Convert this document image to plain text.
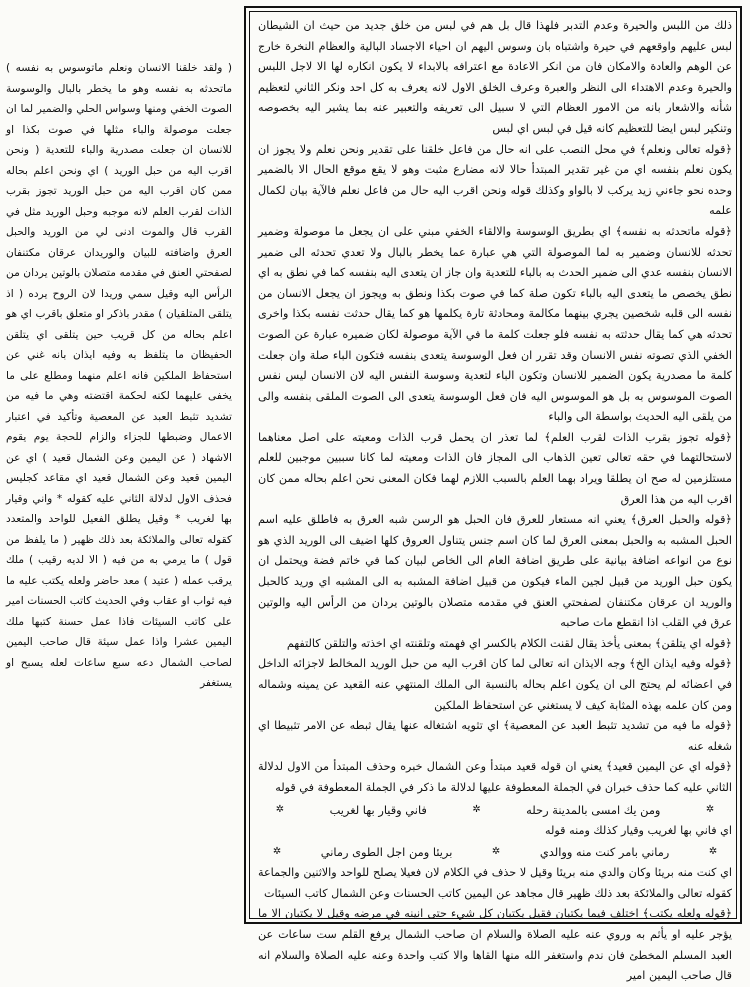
( ولقد خلقنا الانسان ونعلم ماتوسوس به نفسه ) ماتحدثه به نفسه وهو ما يخطر بالبال والوسوسة الصوت الخفي ومنها وسواس الحلي والضمير لما ان جعلت موصولة والباء مثلها في صوت بكذا او للانسان ان جعلت مصدرية والباء للتعدية ( ونحن اقرب اليه من حبل الوريد ) اي ونحن اعلم بحاله ممن كان اقرب اليه من حبل الوريد تجوز بقرب الذات لقرب العلم لانه موجبه وحبل الوريد مثل في القرب قال والموت ادنى لي من الوريد والحبل العرق واضافته للبيان والوريدان عرقان مكتنفان لصفحتي العنق في مقدمه متصلان بالوتين يردان من الرأس اليه وقيل سمي وريدا لان الروح يرده ( اذ يتلقى المتلقيان ) مقدر باذكر او متعلق باقرب اي هو اعلم بحاله من كل قريب حين يتلقى اي يتلقن الحفيظان ما يتلفظ به وفيه ايذان بانه غني عن استحفاظ الملكين فانه اعلم منهما ومطلع على ما يخفى عليهما لكنه لحكمة اقتضته وهي ما فيه من تشديد تثبط العبد عن المعصية وتأكيد في اعتبار الاعمال وضبطها للجزاء والزام للحجة يوم يقوم الاشهاد ( عن اليمين وعن الشمال قعيد ) اي عن اليمين قعيد وعن الشمال قعيد اي مقاعد كجليس فحذف الاول لدلالة الثاني عليه كقوله * واني وقيار بها لغريب * وقيل يطلق الفعيل للواحد والمتعدد كقوله تعالى والملائكة بعد ذلك ظهير ( ما يلفظ من قول ) ما يرمي به من فيه ( الا لديه رقيب ) ملك يرقب عمله ( عتيد ) معد حاضر ولعله يكتب عليه ما فيه ثواب او عقاب وفي الحديث كاتب الحسنات امير على كاتب السيئات فاذا عمل حسنة كتبها ملك اليمين عشرا واذا عمل سيئة قال صاحب اليمين لصاحب الشمال دعه سبع ساعات لعله يسبح او يستغفر

ذلك من اللبس والحيرة وعدم التدبر فلهذا قال بل هم في لبس من خلق جديد من حيث ان الشيطان لبس عليهم واوقعهم في حيرة واشتباه بان وسوس اليهم ان احياء الاجساد البالية والعظام النخرة خارج عن الوهم والعادة والامكان فان من انكر الاعادة مع اعترافه بالابداء لا يكون انكاره لها الا لاجل اللبس والحيرة وعدم الاهتداء الى النظر والعبرة وعرف الخلق الاول لانه يعرف به كل احد ونكر الثاني لتعظيم شأنه والاشعار بانه من الامور العظام التي لا سبيل الى تعريفه والتعبير عنه بما يشير اليه بخصوصه وتنكير لبس ايضا للتعظيم كانه قيل في لبس اي لبس

﴿قوله تعالى ونعلم﴾ في محل النصب على انه حال من فاعل خلقنا على تقدير ونحن نعلم ولا يجوز ان يكون نعلم بنفسه اي من غير تقدير المبتدأ حالا لانه مضارع مثبت وهو لا يقع موقع الحال الا بالضمير وحده نحو جاءني زيد يركب لا بالواو وكذلك قوله ونحن اقرب اليه حال من فاعل نعلم فالآية بيان لكمال علمه

﴿قوله ماتحدثه به نفسه﴾ اي بطريق الوسوسة والالقاء الخفي مبني على ان يجعل ما موصولة وضمير تحدثه للانسان وضمير به لما الموصولة التي هي عبارة عما يخطر بالبال ولا تعدي تحدثه الى ضمير الانسان بنفسه عدي الى ضمير الحدث به بالباء للتعدية وان جاز ان يتعدى اليه بنفسه كما في نطق به اي نطق يخصص ما يتعدى اليه بالباء تكون صلة كما في صوت بكذا ونطق به ويجوز ان يجعل الانسان من نفسه الى قلبه شخصين يجري بينهما مكالمة ومحادثة تارة يكلمها هو كما يقال حدثت نفسه بكذا واخرى تحدثه هي كما يقال حدثته به نفسه فلو جعلت كلمة ما في الآية موصولة لكان ضميره عبارة عن الصوت الخفي الذي تصوته نفس الانسان وقد تقرر ان فعل الوسوسة يتعدى بنفسه فتكون الباء صلة وان جعلت كلمة ما مصدرية يكون الضمير للانسان وتكون الباء لتعدية وسوسة النفس اليه لان الانسان ليس نفس الصوت الموسوس به بل هو الموسوس اليه فان فعل الوسوسة يتعدى الى الصوت الملقى بنفسه والى من يلقى اليه الحديث بواسطة الى والباء

﴿قوله تجوز بقرب الذات لقرب العلم﴾ لما تعذر ان يحمل قرب الذات ومعيته على اصل معناهما لاستحالتهما في حقه تعالى تعين الذهاب الى المجاز فان الذات ومعيته لما كانا سببين موجبين للعلم مستلزمين له صح ان يطلقا ويراد بهما العلم بالسبب اللازم لهما فكان المعنى نحن اعلم بحاله ممن كان اقرب اليه من هذا العرق

﴿قوله والحبل العرق﴾ يعني انه مستعار للعرق فان الحبل هو الرسن شبه العرق به فاطلق عليه اسم الحبل المشبه به والحبل بمعنى العرق لما كان اسم جنس يتناول العروق كلها اضيف الى الوريد الذي هو نوع من انواعه اضافة بيانية على طريق اضافة العام الى الخاص لبيان كما في خاتم فضة ويحتمل ان يكون حبل الوريد من قبيل لجين الماء فيكون من قبيل اضافة المشبه به الى المشبه اي وريد كالحبل والوريد ان عرقان مكتنفان لصفحتي العنق في مقدمه متصلان بالوتين يردان من الرأس اليه والوتين عرق في القلب اذا انقطع مات صاحبه

﴿قوله اي يتلقن﴾ بمعنى يأخذ يقال لقنت الكلام بالكسر اي فهمته وتلقنته اي اخذته والتلقن كالتفهم

﴿قوله وفيه ايذان الخ﴾ وجه الايذان انه تعالى لما كان اقرب اليه من حبل الوريد المخالط لاجزائه الداخل في اعضائه لم يحتج الى ان يكون اعلم بحاله بالنسبة الى الملك المنتهي عنه القعيد عن يمينه وشماله ومن كان علمه بهذه المثابة كيف لا يستغني عن استحفاظ الملكين

﴿قوله ما فيه من تشديد تثبط العبد عن المعصية﴾ اي تثويه اشتغاله عنها يقال ثبطه عن الامر تثبيطا اي شغله عنه

﴿قوله اي عن اليمين قعيد﴾ يعني ان قوله قعيد مبتدأ وعن الشمال خبره وحذف المبتدأ من الاول لدلالة الثاني عليه كما حذف خبران في الجملة المعطوفة عليها لدلالة ما ذكر في الجملة المعطوفة في قوله

✲
ومن يك امسى بالمدينة رحله
✲
فاني وقيار بها لغريب
✲

اي فاني بها لغريب وقيار كذلك ومنه قوله

✲
رماني بامر كنت منه ووالدي
✲
بريئا ومن اجل الطوى رماني
✲

اي كنت منه بريئا وكان والدي منه بريئا وقيل لا حذف في الكلام لان فعيلا يصلح للواحد والاثنين والجماعة كقوله تعالى والملائكة بعد ذلك ظهير قال مجاهد عن اليمين كاتب الحسنات وعن الشمال كاتب السيئات

﴿قوله ولعله يكتب﴾ اختلف فيما يكتبان فقيل يكتبان كل شيء حتى انينه في مرضه وقيل لا يكتبان الا ما يؤجر عليه او يأثم به وروي عنه عليه الصلاة والسلام ان صاحب الشمال يرفع القلم ست ساعات عن العبد المسلم المخطئ فان ندم واستغفر الله منها القاها والا كتب واحدة وعنه عليه الصلاة والسلام انه قال صاحب اليمين امير
